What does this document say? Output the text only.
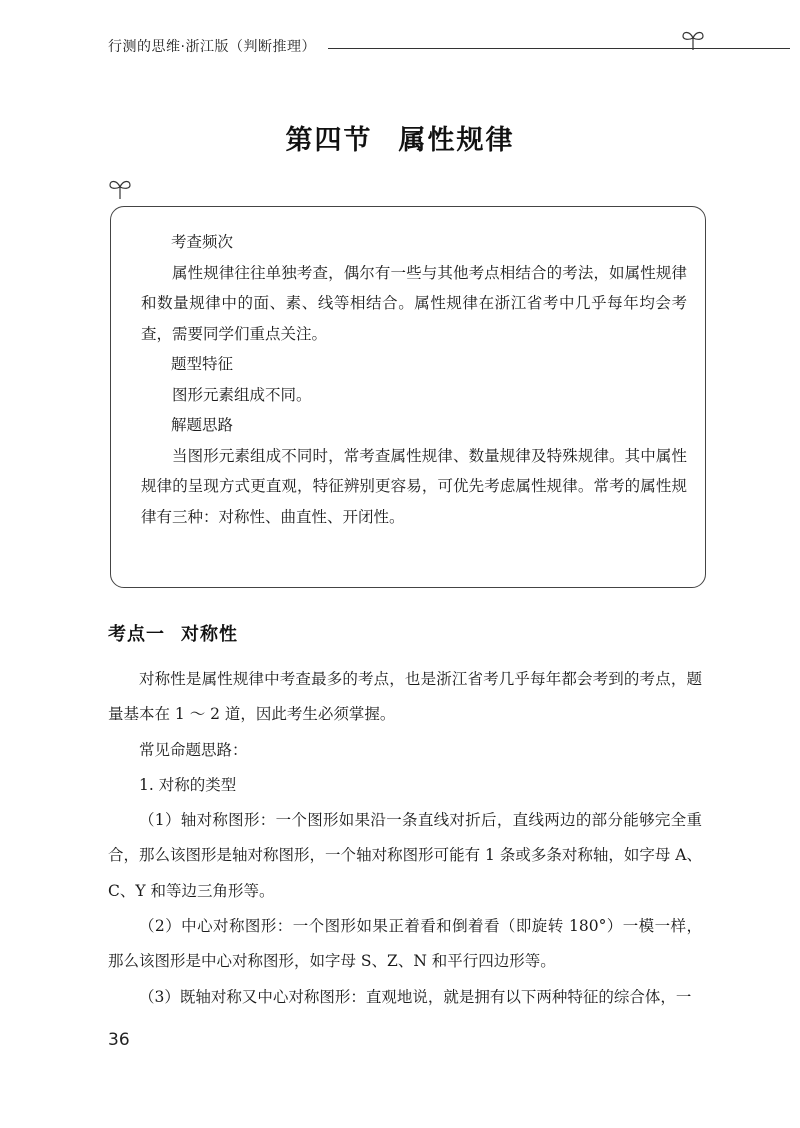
行测的思维·浙江版（判断推理）
第四节 属性规律

考查频次

属性规律往往单独考查，偶尔有一些与其他考点相结合的考法，如属性规律和数量规律中的面、素、线等相结合。属性规律在浙江省考中几乎每年均会考查，需要同学们重点关注。

题型特征

图形元素组成不同。

解题思路

当图形元素组成不同时，常考查属性规律、数量规律及特殊规律。其中属性规律的呈现方式更直观，特征辨别更容易，可优先考虑属性规律。常考的属性规律有三种：对称性、曲直性、开闭性。

考点一 对称性

对称性是属性规律中考查最多的考点，也是浙江省考几乎每年都会考到的考点，题量基本在 1 ～ 2 道，因此考生必须掌握。

常见命题思路：

1. 对称的类型

（1）轴对称图形：一个图形如果沿一条直线对折后，直线两边的部分能够完全重合，那么该图形是轴对称图形，一个轴对称图形可能有 1 条或多条对称轴，如字母 A、C、Y 和等边三角形等。

（2）中心对称图形：一个图形如果正着看和倒着看（即旋转 180°）一模一样，那么该图形是中心对称图形，如字母 S、Z、N 和平行四边形等。

（3）既轴对称又中心对称图形：直观地说，就是拥有以下两种特征的综合体，一

36
